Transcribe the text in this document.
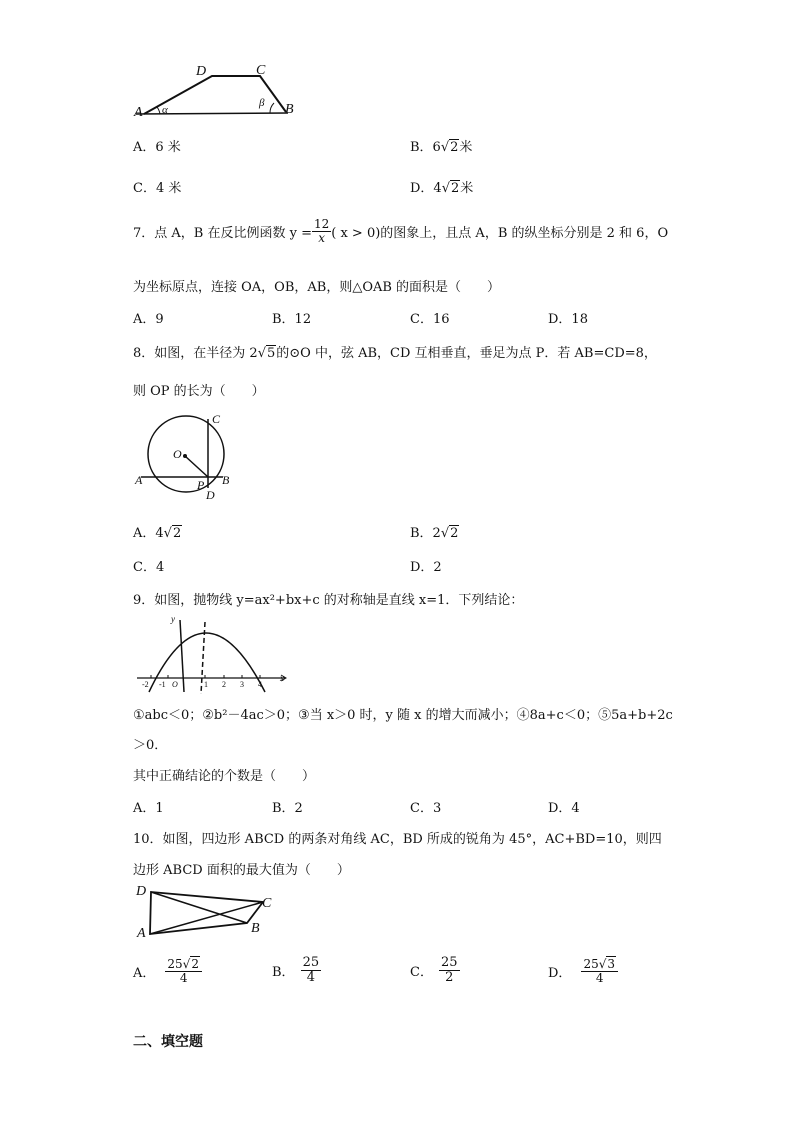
A	B
C
D
α
β
A．6 米	B．6√2米
C．4 米	D．4√2米
7．点 A，B 在反比例函数 $y = \frac{12}{x}$ ( x > 0)的图象上，且点 A，B 的纵坐标分别是 2 和 6，O
为坐标原点，连接 OA，OB，AB，则△OAB 的面积是（　　）
A．9	B．12	C．16	D．18
8．如图，在半径为 2√5的⊙O 中，弦 AB，CD 互相垂直，垂足为点 P．若 AB=CD=8，
则 OP 的长为（　　）
O
A	B
C
D
P
A．4√2	B．2√2
C．4	D．2
9．如图，抛物线 y=ax²+bx+c 的对称轴是直线 x=1．下列结论：
y
x
-2 -1 O	1 2 3 4
①abc＜0；②b²－4ac＞0；③当 x＞0 时，y 随 x 的增大而减小；④8a+c＜0；⑤5a+b+2c
＞0．
其中正确结论的个数是（　　）
A．1	B．2	C．3	D．4
10．如图，四边形 ABCD 的两条对角线 AC，BD 所成的锐角为 45°，AC+BD=10，则四
边形 ABCD 面积的最大值为（　　）
D
C
B
A
A． $\frac{25√2}{4}$	B． $\frac{25}{4}$	C． $\frac{25}{2}$	D． $\frac{25√3}{4}$
二、填空题
